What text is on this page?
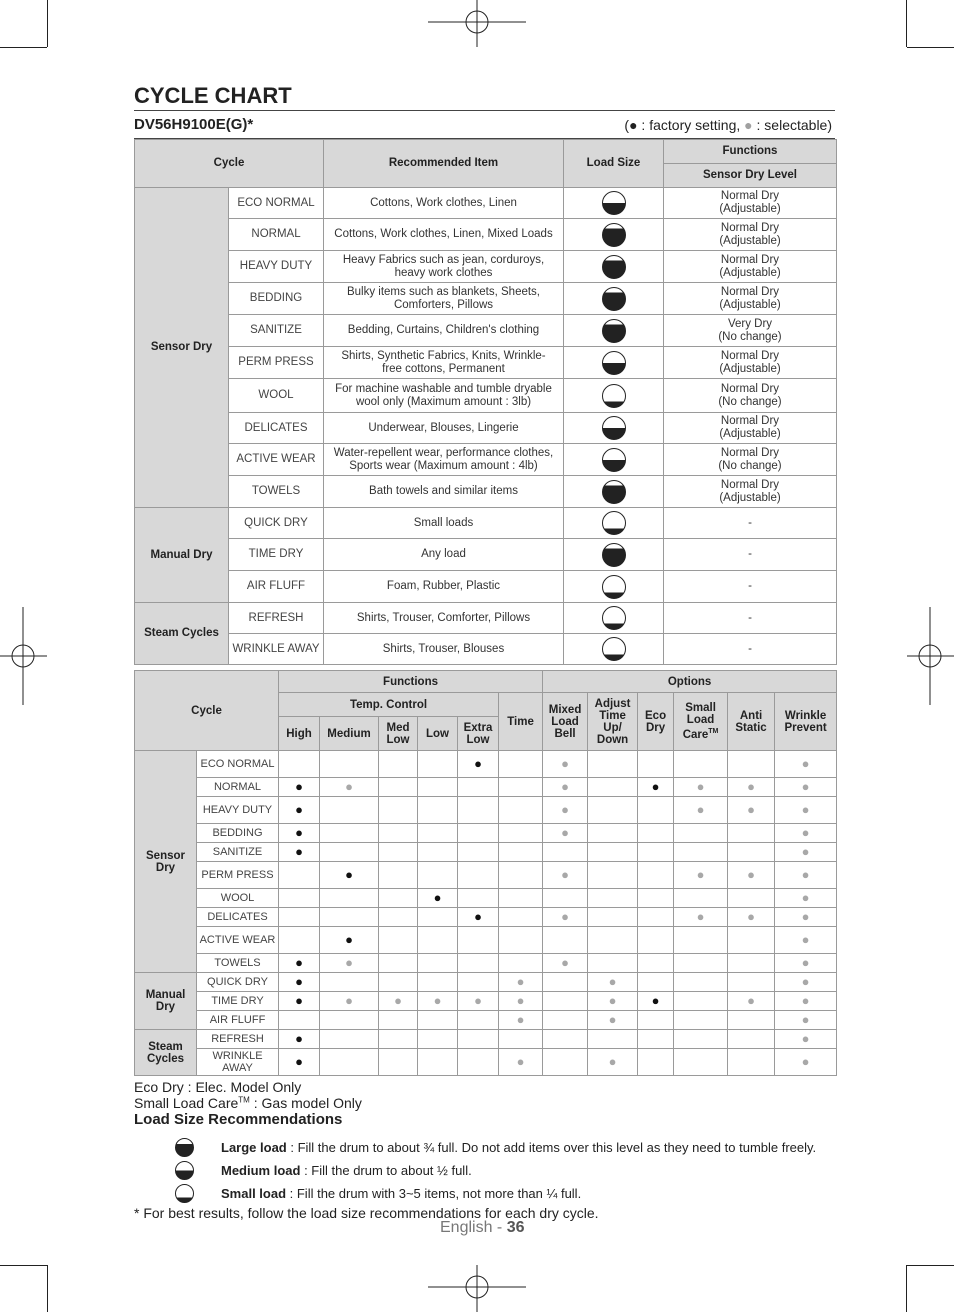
CYCLE CHART
DV56H9100E(G)*	(● : factory setting, ● : selectable)
Cycle		Recommended Item	Load Size	Functions
				Sensor Dry Level
Sensor Dry	ECO NORMAL	Cottons, Work clothes, Linen		Normal Dry
(Adjustable)

	NORMAL	Cottons, Work clothes, Linen, Mixed Loads		Normal Dry
(Adjustable)

	HEAVY DUTY	Heavy Fabrics such as jean, corduroys, heavy work clothes		Normal Dry
(Adjustable)

	BEDDING	Bulky items such as blankets, Sheets, Comforters, Pillows		Normal Dry
(Adjustable)

	SANITIZE	Bedding, Curtains, Children's clothing		Very Dry
(No change)

	PERM PRESS	Shirts, Synthetic Fabrics, Knits, Wrinkle-free cottons, Permanent		Normal Dry
(Adjustable)

	WOOL	For machine washable and tumble dryable wool only (Maximum amount : 3lb)		Normal Dry
(No change)

	DELICATES	Underwear, Blouses, Lingerie		Normal Dry
(Adjustable)

	ACTIVE WEAR	Water-repellent wear, performance clothes, Sports wear (Maximum amount : 4lb)		Normal Dry
(No change)

	TOWELS	Bath towels and similar items		Normal Dry
(Adjustable)

Manual Dry	QUICK DRY	Small loads		-

	TIME DRY	Any load		-

	AIR FLUFF	Foam, Rubber, Plastic		-

Steam Cycles	REFRESH	Shirts, Trouser, Comforter, Pillows		-

	WRINKLE AWAY	Shirts, Trouser, Blouses		-
Cycle		Functions						Options					
		Temp. Control					Time	Mixed Load Bell	Adjust Time Up/ Down	Eco Dry	Small Load Care™	Anti Static	Wrinkle Prevent
		High	Medium	Med Low	Low	Extra Low							
Sensor Dry	ECO NORMAL					●		●					●
	NORMAL	●	●					●		●	●	●	●
	HEAVY DUTY	●						●			●	●	●
	BEDDING	●						●					●
	SANITIZE	●											●
	PERM PRESS		●					●			●	●	●
	WOOL				●								●
	DELICATES					●		●			●	●	●
	ACTIVE WEAR		●										●
	TOWELS	●	●					●					●
Manual Dry	QUICK DRY	●					●		●				●
	TIME DRY	●	●	●	●	●	●		●	●		●	●
	AIR FLUFF						●		●				●
Steam Cycles	REFRESH	●											●
	WRINKLE AWAY	●					●		●				●
Eco Dry : Elec. Model Only
Small Load Care™ : Gas model Only
Load Size Recommendations
Large load : Fill the drum to about ¾ full. Do not add items over this level as they need to tumble freely.
Medium load : Fill the drum to about ½ full.
Small load : Fill the drum with 3~5 items, not more than ¼ full.
* For best results, follow the load size recommendations for each dry cycle.
English - 36
